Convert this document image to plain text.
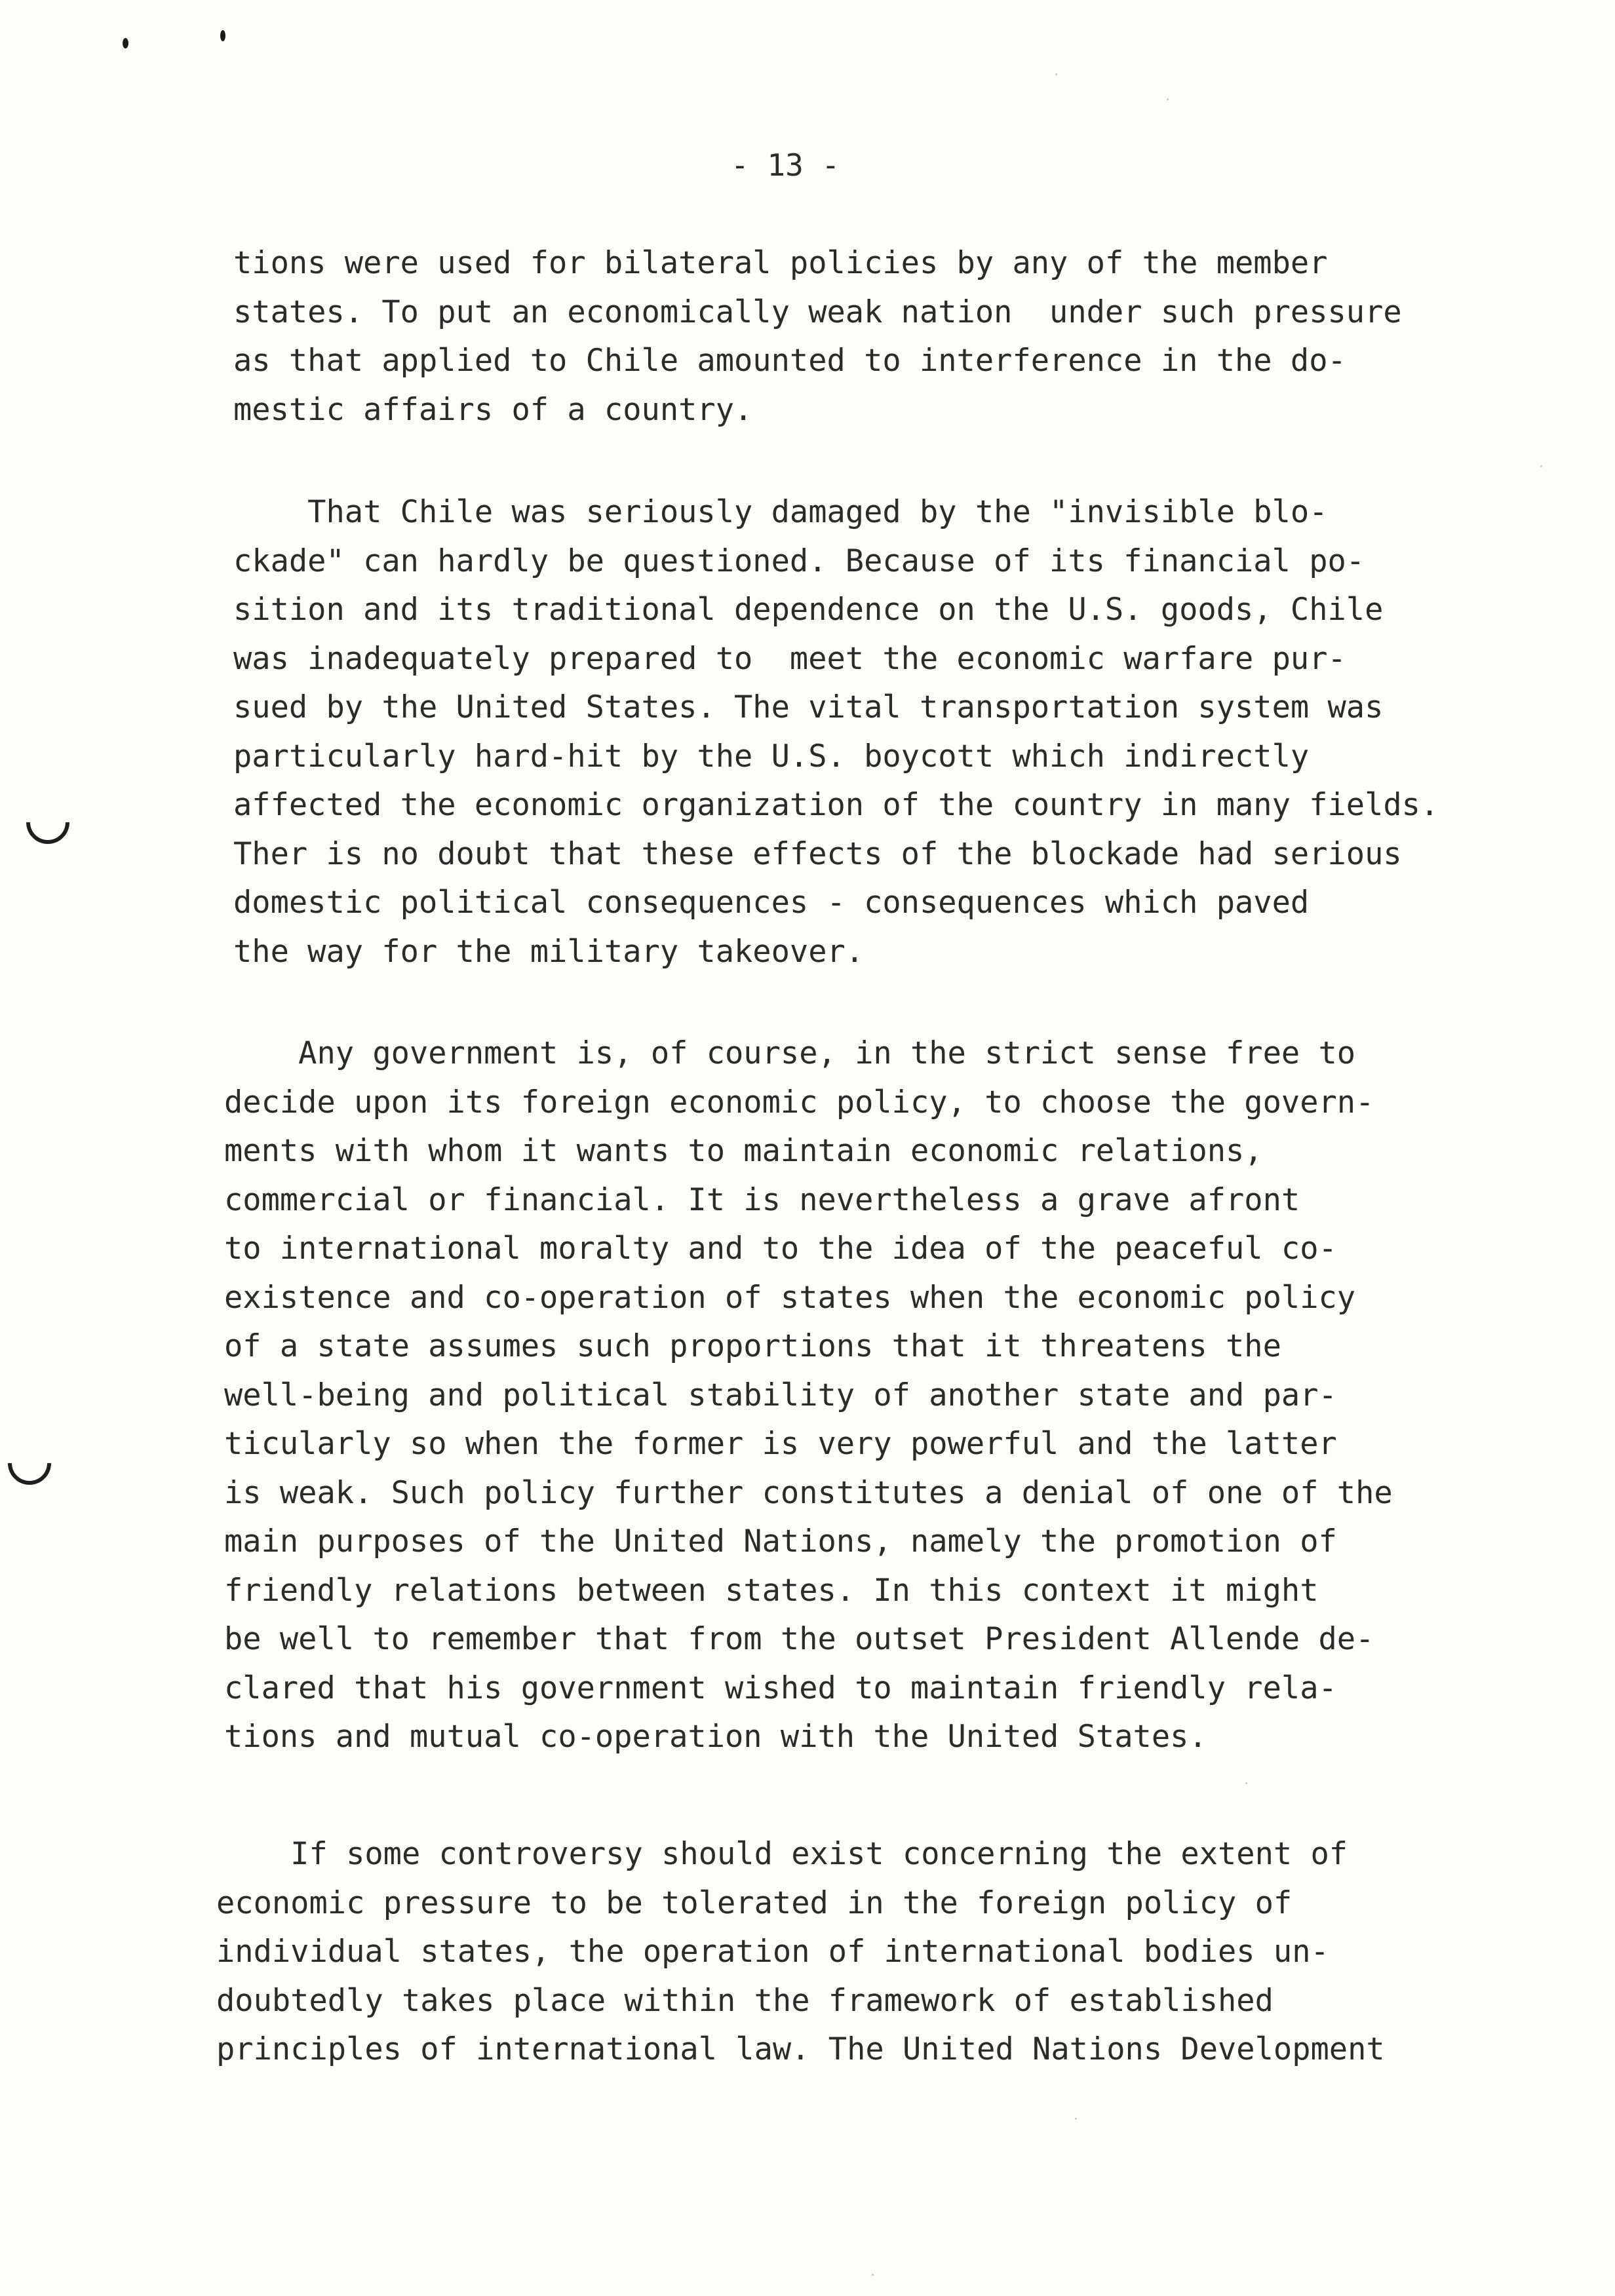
- 13 -
tions were used for bilateral policies by any of the member
states. To put an economically weak nation  under such pressure
as that applied to Chile amounted to interference in the do-
mestic affairs of a country.
That Chile was seriously damaged by the "invisible blo-
ckade" can hardly be questioned. Because of its financial po-
sition and its traditional dependence on the U.S. goods, Chile
was inadequately prepared to  meet the economic warfare pur-
sued by the United States. The vital transportation system was
particularly hard-hit by the U.S. boycott which indirectly
affected the economic organization of the country in many fields.
Ther is no doubt that these effects of the blockade had serious
domestic political consequences - consequences which paved
the way for the military takeover.
Any government is, of course, in the strict sense free to
decide upon its foreign economic policy, to choose the govern-
ments with whom it wants to maintain economic relations,
commercial or financial. It is nevertheless a grave afront
to international moralty and to the idea of the peaceful co-
existence and co-operation of states when the economic policy
of a state assumes such proportions that it threatens the
well-being and political stability of another state and par-
ticularly so when the former is very powerful and the latter
is weak. Such policy further constitutes a denial of one of the
main purposes of the United Nations, namely the promotion of
friendly relations between states. In this context it might
be well to remember that from the outset President Allende de-
clared that his government wished to maintain friendly rela-
tions and mutual co-operation with the United States.
If some controversy should exist concerning the extent of
economic pressure to be tolerated in the foreign policy of
individual states, the operation of international bodies un-
doubtedly takes place within the framework of established
principles of international law. The United Nations Development
